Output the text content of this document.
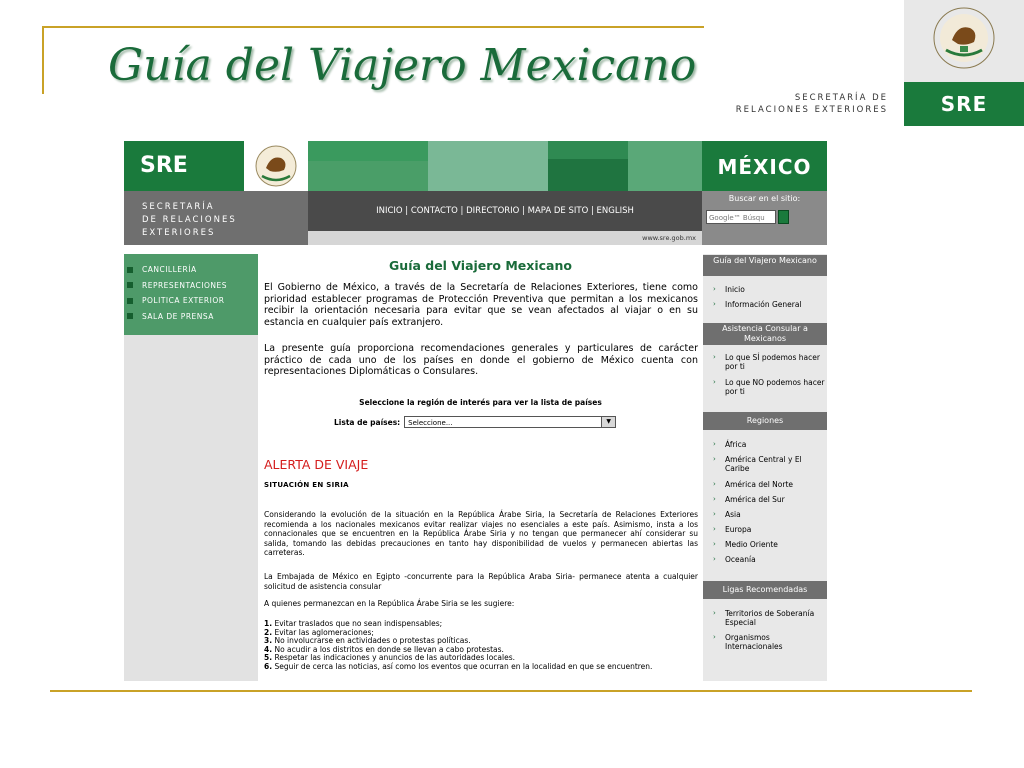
Guía del Viajero Mexicano
SECRETARÍA DE
RELACIONES EXTERIORES	SRE
SRE	MÉXICO
SECRETARÍA
DE RELACIONES
EXTERIORES
INICIO | CONTACTO | DIRECTORIO | MAPA DE SITO | ENGLISH
www.sre.gob.mx
Buscar en el sitio:
Google™ Búsqu
CANCILLERÍA
REPRESENTACIONES
POLITICA EXTERIOR
SALA DE PRENSA
Guía del Viajero Mexicano

El Gobierno de México, a través de la Secretaría de Relaciones Exteriores, tiene como prioridad establecer programas de Protección Preventiva que permitan a los mexicanos recibir la orientación necesaria para evitar que se vean afectados al viajar o en su estancia en cualquier país extranjero.

La presente guía proporciona recomendaciones generales y particulares de carácter práctico de cada uno de los países en donde el gobierno de México cuenta con representaciones Diplomáticas o Consulares.

Seleccione la región de interés para ver la lista de países
Lista de países:	Seleccione...	▼
ALERTA DE VIAJE
SITUACIÓN EN SIRIA

Considerando la evolución de la situación en la República Árabe Siria, la Secretaría de Relaciones Exteriores recomienda a los nacionales mexicanos evitar realizar viajes no esenciales a este país. Asimismo, insta a los connacionales que se encuentren en la República Árabe Siria y no tengan que permanecer ahí considerar su salida, tomando las debidas precauciones en tanto hay disponibilidad de vuelos y permanecen abiertas las carreteras.

La Embajada de México en Egipto -concurrente para la República Araba Siria- permanece atenta a cualquier solicitud de asistencia consular

A quienes permanezcan en la República Árabe Siria se les sugiere:

1. Evitar traslados que no sean indispensables;
2. Evitar las aglomeraciones;
3. No involucrarse en actividades o protestas políticas.
4. No acudir a los distritos en donde se llevan a cabo protestas.
5. Respetar las indicaciones y anuncios de las autoridades locales.
6. Seguir de cerca las noticias, así como los eventos que ocurran en la localidad en que se encuentren.
Guía del Viajero Mexicano
›	Inicio
›	Información General
Asistencia Consular a Mexicanos
›	Lo que SÍ podemos hacer por ti
›	Lo que NO podemos hacer por ti
Regiones
›	África
›	América Central y El Caribe
›	América del Norte
›	América del Sur
›	Asia
›	Europa
›	Medio Oriente
›	Oceanía
Ligas Recomendadas
›	Territorios de Soberanía Especial
›	Organismos Internacionales
